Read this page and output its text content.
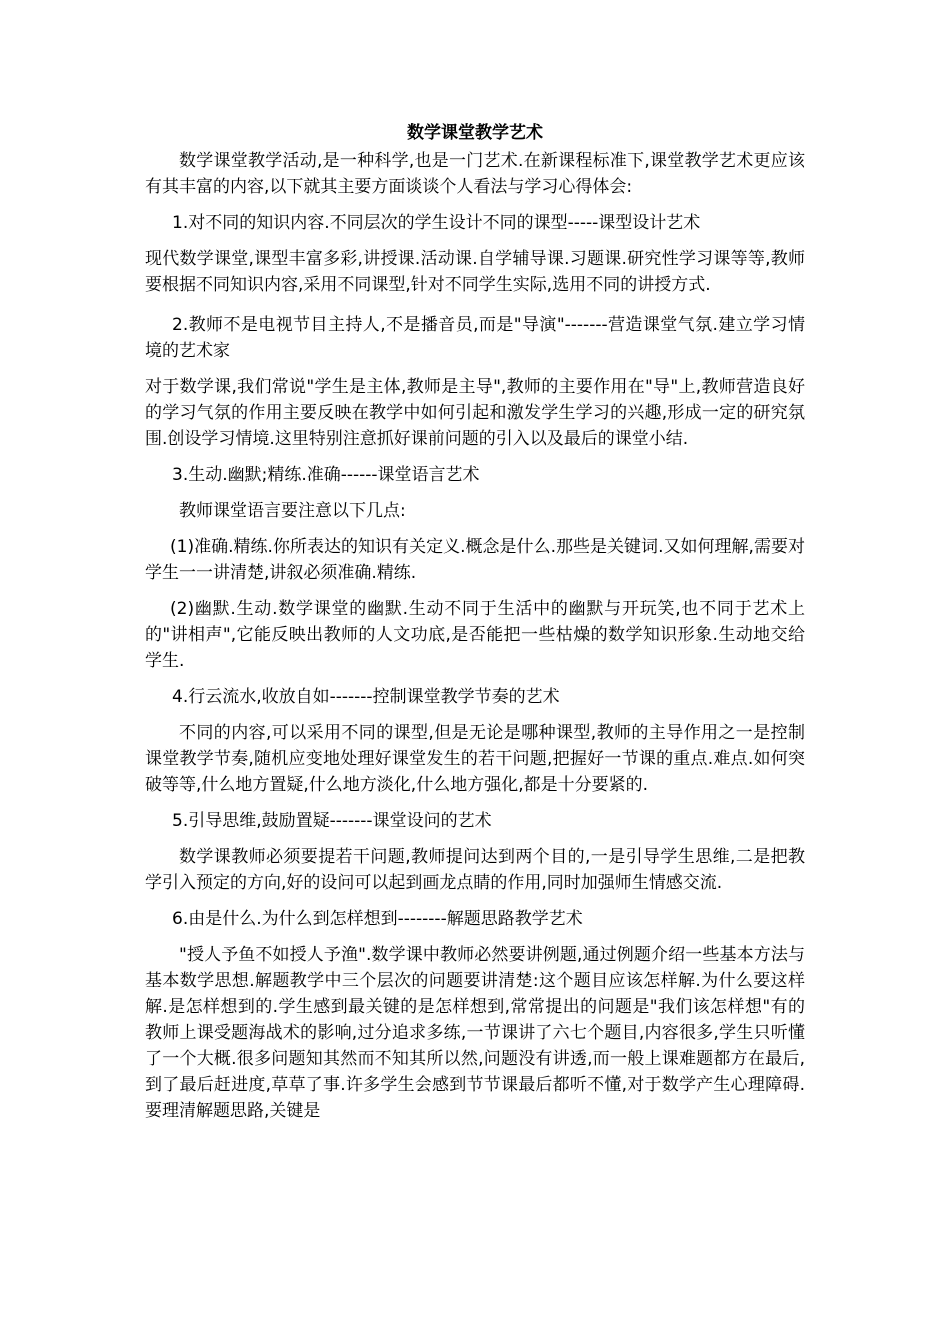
数学课堂教学艺术

数学课堂教学活动,是一种科学,也是一门艺术.在新课程标准下,课堂教学艺术更应该有其丰富的内容,以下就其主要方面谈谈个人看法与学习心得体会:

1.对不同的知识内容.不同层次的学生设计不同的课型-----课型设计艺术

现代数学课堂,课型丰富多彩,讲授课.活动课.自学辅导课.习题课.研究性学习课等等,教师要根据不同知识内容,采用不同课型,针对不同学生实际,选用不同的讲授方式.

2.教师不是电视节目主持人,不是播音员,而是"导演"-------营造课堂气氛.建立学习情境的艺术家

对于数学课,我们常说"学生是主体,教师是主导",教师的主要作用在"导"上,教师营造良好的学习气氛的作用主要反映在教学中如何引起和激发学生学习的兴趣,形成一定的研究氛围.创设学习情境.这里特别注意抓好课前问题的引入以及最后的课堂小结.

3.生动.幽默;精练.准确------课堂语言艺术

教师课堂语言要注意以下几点:

(1)准确.精练.你所表达的知识有关定义.概念是什么.那些是关键词.又如何理解,需要对学生一一讲清楚,讲叙必须准确.精练.

(2)幽默.生动.数学课堂的幽默.生动不同于生活中的幽默与开玩笑,也不同于艺术上的"讲相声",它能反映出教师的人文功底,是否能把一些枯燥的数学知识形象.生动地交给学生.

4.行云流水,收放自如-------控制课堂教学节奏的艺术

不同的内容,可以采用不同的课型,但是无论是哪种课型,教师的主导作用之一是控制课堂教学节奏,随机应变地处理好课堂发生的若干问题,把握好一节课的重点.难点.如何突破等等,什么地方置疑,什么地方淡化,什么地方强化,都是十分要紧的.

5.引导思维,鼓励置疑-------课堂设问的艺术

数学课教师必须要提若干问题,教师提问达到两个目的,一是引导学生思维,二是把教学引入预定的方向,好的设问可以起到画龙点睛的作用,同时加强师生情感交流.

6.由是什么.为什么到怎样想到--------解题思路教学艺术

"授人予鱼不如授人予渔".数学课中教师必然要讲例题,通过例题介绍一些基本方法与基本数学思想.解题教学中三个层次的问题要讲清楚:这个题目应该怎样解.为什么要这样解.是怎样想到的.学生感到最关键的是怎样想到,常常提出的问题是"我们该怎样想"有的教师上课受题海战术的影响,过分追求多练,一节课讲了六七个题目,内容很多,学生只听懂了一个大概.很多问题知其然而不知其所以然,问题没有讲透,而一般上课难题都方在最后,到了最后赶进度,草草了事.许多学生会感到节节课最后都听不懂,对于数学产生心理障碍.要理清解题思路,关键是
